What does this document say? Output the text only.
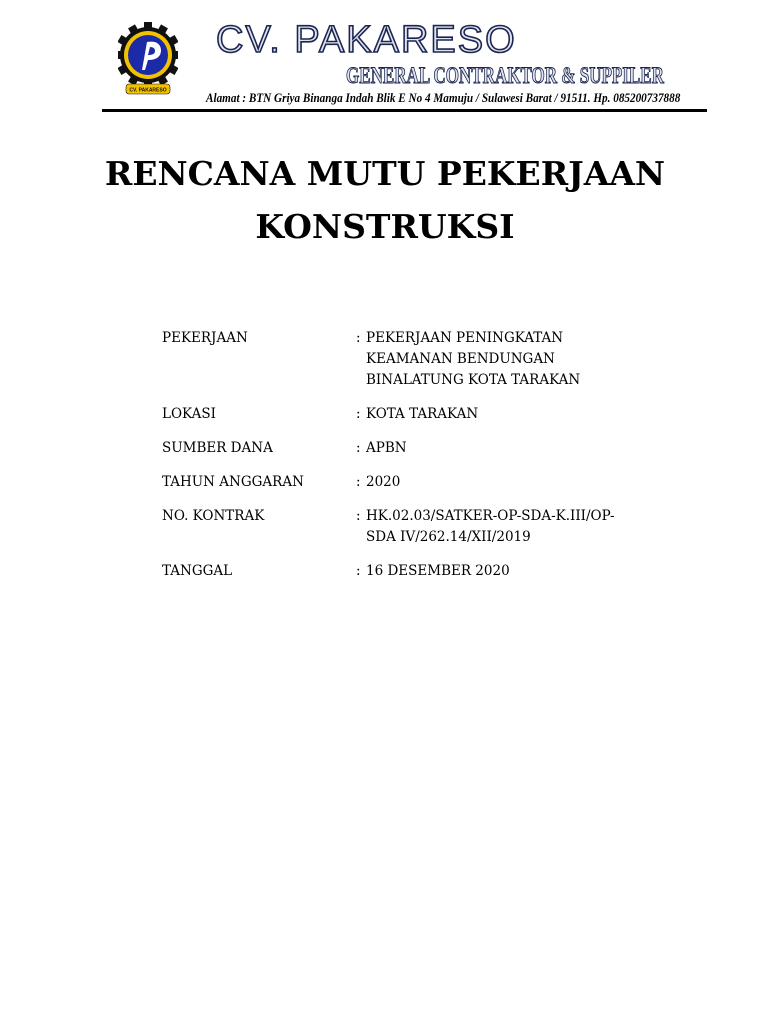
CV. PAKARESO
CV. PAKARESO
GENERAL CONTRAKTOR & SUPPILER
Alamat : BTN Griya Binanga Indah Blik E No 4 Mamuju / Sulawesi Barat / 91511. Hp. 085200737888
RENCANA MUTU PEKERJAAN
KONSTRUKSI
PEKERJAAN	:	PEKERJAAN PENINGKATAN KEAMANAN BENDUNGAN BINALATUNG KOTA TARAKAN
LOKASI	:	KOTA TARAKAN
SUMBER DANA	:	APBN
TAHUN ANGGARAN	:	2020
NO. KONTRAK	:	HK.02.03/SATKER-OP-SDA-K.III/OP-SDA IV/262.14/XII/2019
TANGGAL	:	16 DESEMBER 2020
